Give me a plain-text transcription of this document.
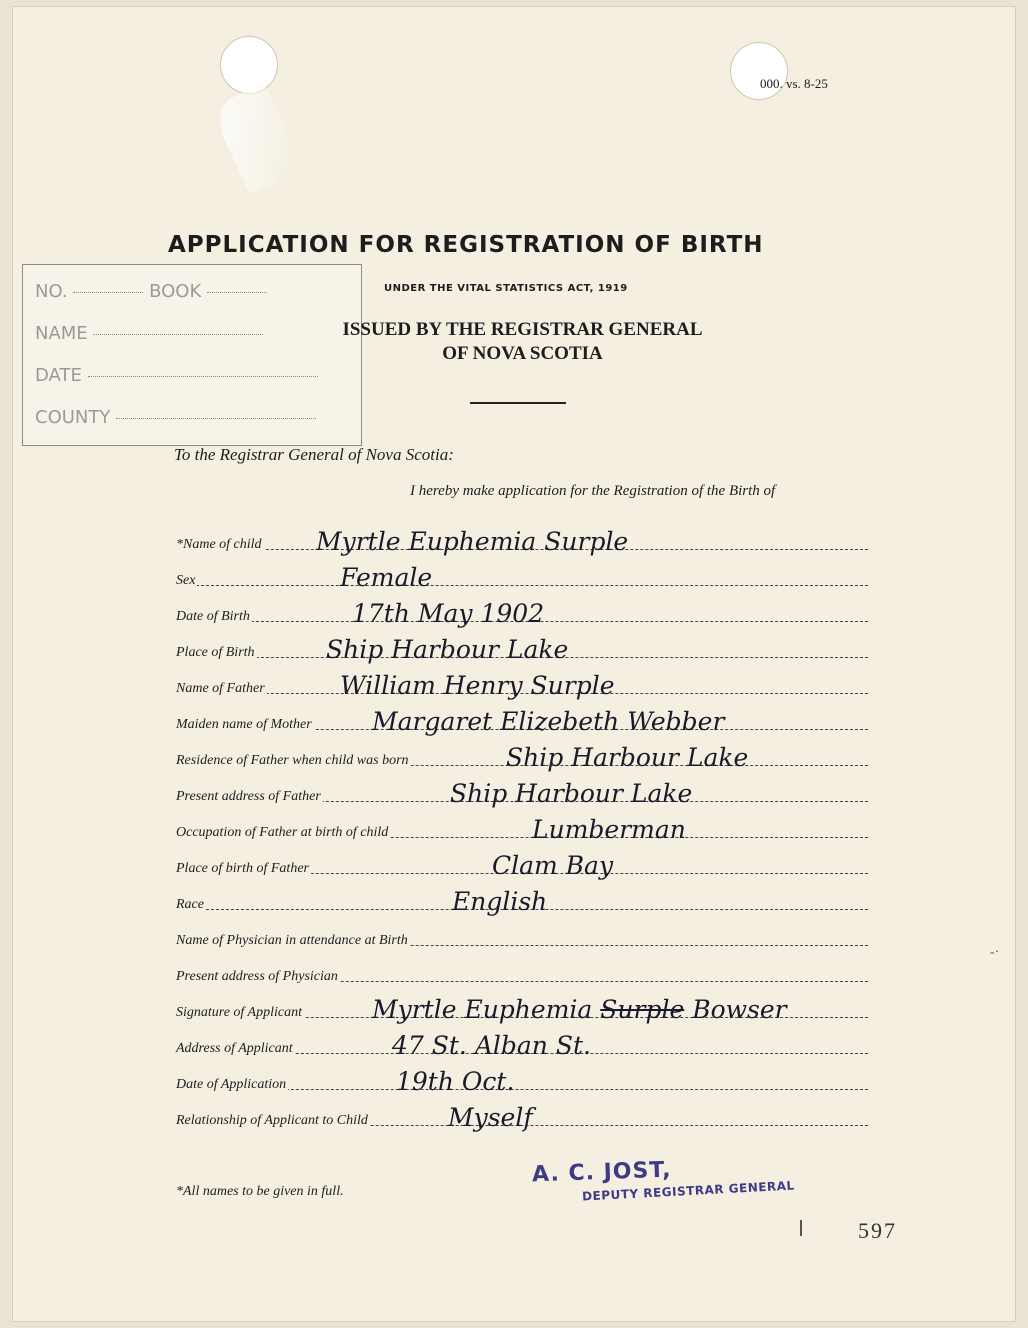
000. vs. 8-25
NO.	BOOK
NAME
DATE
COUNTY
APPLICATION FOR REGISTRATION OF BIRTH
UNDER THE VITAL STATISTICS ACT, 1919
ISSUED BY THE REGISTRAR GENERAL
OF NOVA SCOTIA
To the Registrar General of Nova Scotia:
I hereby make application for the Registration of the Birth of
*Name of child Myrtle Euphemia Surple
Sex	Female
Date of Birth	17th May 1902
Place of Birth	Ship Harbour Lake
Name of Father	William Henry Surple
Maiden name of Mother Margaret Elizebeth Webber
Residence of Father when child was born	Ship Harbour Lake
Present address of Father	Ship Harbour Lake
Occupation of Father at birth of child	Lumberman
Place of birth of Father	Clam Bay
Race	English
Name of Physician in attendance at Birth
Present address of Physician
Signature of Applicant	Myrtle Euphemia Surple Bowser
Address of Applicant	47 St. Alban St.
Date of Application	19th Oct.
Relationship of Applicant to Child	Myself
*All names to be given in full.
A. C. JOST,
DEPUTY REGISTRAR GENERAL
597
-·
